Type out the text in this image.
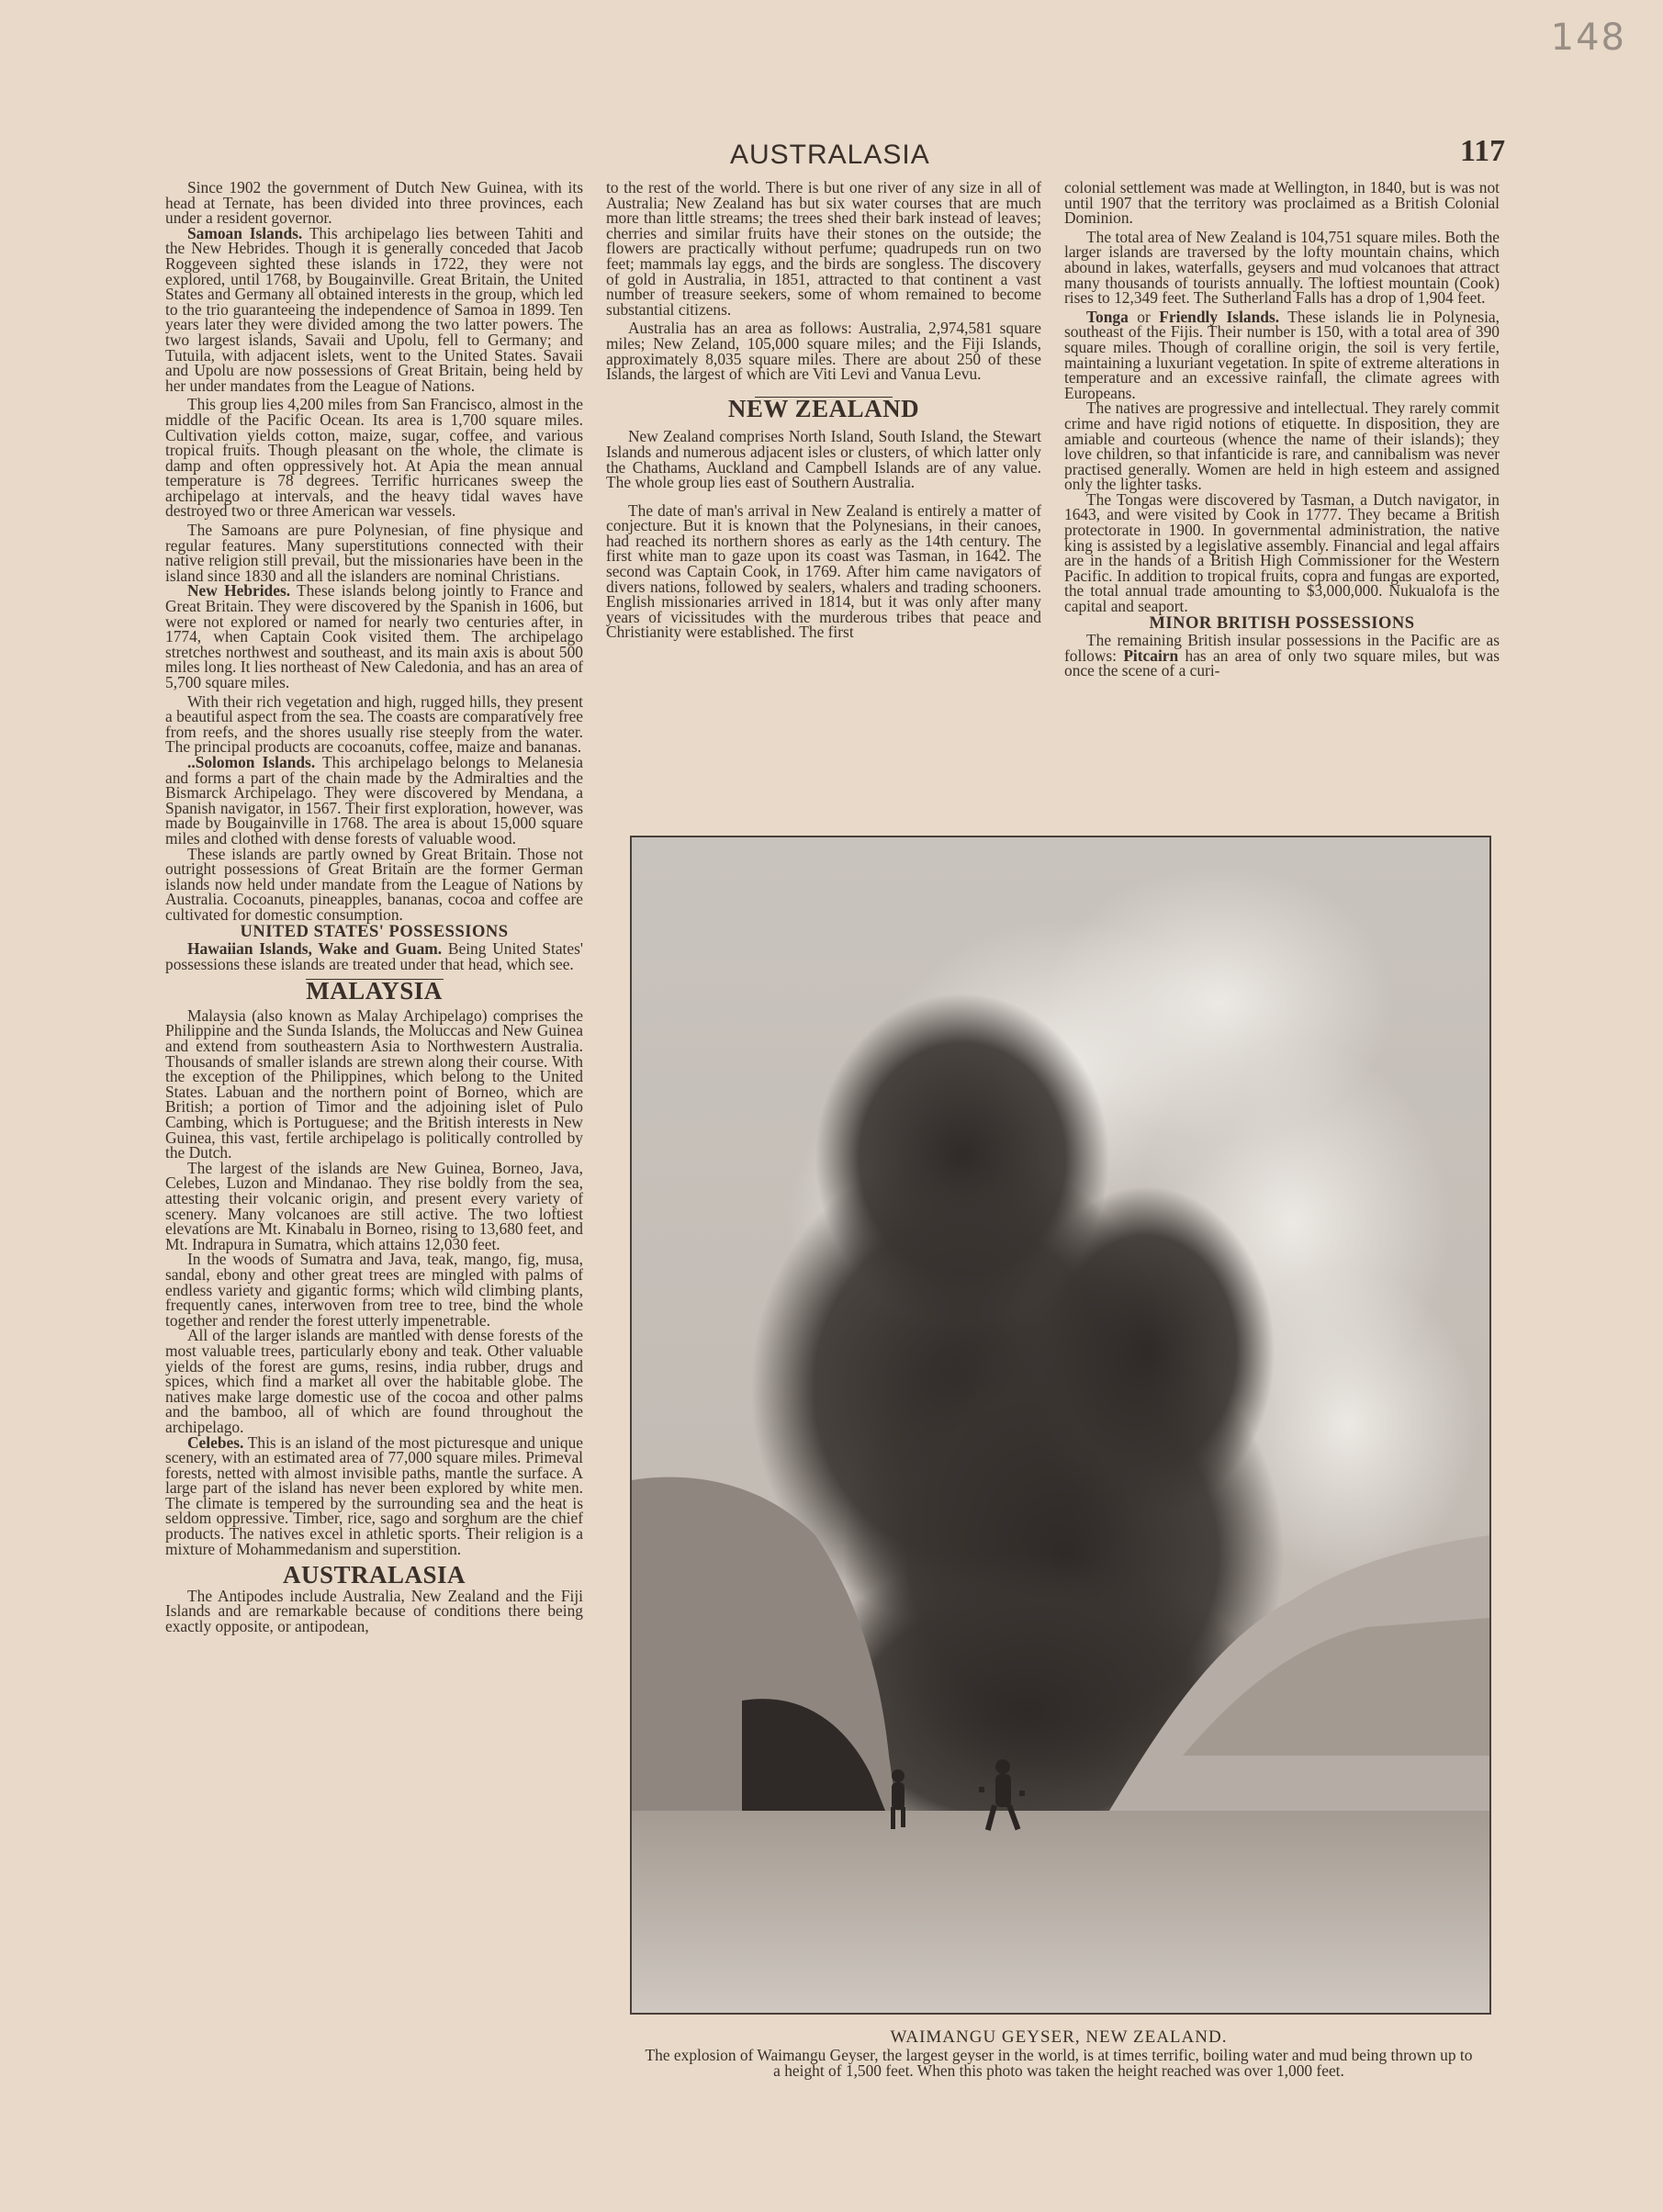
148
AUSTRALASIA	117

Since 1902 the government of Dutch New Guinea, with its head at Ternate, has been divided into three provinces, each under a resident governor.

Samoan Islands. This archipelago lies between Tahiti and the New Hebrides. Though it is generally conceded that Jacob Roggeveen sighted these islands in 1722, they were not explored, until 1768, by Bougainville. Great Britain, the United States and Germany all obtained interests in the group, which led to the trio guaranteeing the independence of Samoa in 1899. Ten years later they were divided among the two latter powers. The two largest islands, Savaii and Upolu, fell to Germany; and Tutuila, with adjacent islets, went to the United States. Savaii and Upolu are now possessions of Great Britain, being held by her under mandates from the League of Nations.

This group lies 4,200 miles from San Francisco, almost in the middle of the Pacific Ocean. Its area is 1,700 square miles. Cultivation yields cotton, maize, sugar, coffee, and various tropical fruits. Though pleasant on the whole, the climate is damp and often oppressively hot. At Apia the mean annual temperature is 78 degrees. Terrific hurricanes sweep the archipelago at intervals, and the heavy tidal waves have destroyed two or three American war vessels.

The Samoans are pure Polynesian, of fine physique and regular features. Many superstitutions connected with their native religion still prevail, but the missionaries have been in the island since 1830 and all the islanders are nominal Christians.

New Hebrides. These islands belong jointly to France and Great Britain. They were discovered by the Spanish in 1606, but were not explored or named for nearly two centuries after, in 1774, when Captain Cook visited them. The archipelago stretches northwest and southeast, and its main axis is about 500 miles long. It lies northeast of New Caledonia, and has an area of 5,700 square miles.

With their rich vegetation and high, rugged hills, they present a beautiful aspect from the sea. The coasts are comparatively free from reefs, and the shores usually rise steeply from the water. The principal products are cocoanuts, coffee, maize and bananas.

..Solomon Islands. This archipelago belongs to Melanesia and forms a part of the chain made by the Admiralties and the Bismarck Archipelago. They were discovered by Mendana, a Spanish navigator, in 1567. Their first exploration, however, was made by Bougainville in 1768. The area is about 15,000 square miles and clothed with dense forests of valuable wood.

These islands are partly owned by Great Britain. Those not outright possessions of Great Britain are the former German islands now held under mandate from the League of Nations by Australia. Cocoanuts, pineapples, bananas, cocoa and coffee are cultivated for domestic consumption.

UNITED STATES' POSSESSIONS

Hawaiian Islands, Wake and Guam. Being United States' possessions these islands are treated under that head, which see.

MALAYSIA

Malaysia (also known as Malay Archipelago) comprises the Philippine and the Sunda Islands, the Moluccas and New Guinea and extend from southeastern Asia to Northwestern Australia. Thousands of smaller islands are strewn along their course. With the exception of the Philippines, which belong to the United States. Labuan and the northern point of Borneo, which are British; a portion of Timor and the adjoining islet of Pulo Cambing, which is Portuguese; and the British interests in New Guinea, this vast, fertile archipelago is politically controlled by the Dutch.

The largest of the islands are New Guinea, Borneo, Java, Celebes, Luzon and Mindanao. They rise boldly from the sea, attesting their volcanic origin, and present every variety of scenery. Many volcanoes are still active. The two loftiest elevations are Mt. Kinabalu in Borneo, rising to 13,680 feet, and Mt. Indrapura in Sumatra, which attains 12,030 feet.

In the woods of Sumatra and Java, teak, mango, fig, musa, sandal, ebony and other great trees are mingled with palms of endless variety and gigantic forms; which wild climbing plants, frequently canes, interwoven from tree to tree, bind the whole together and render the forest utterly impenetrable.

All of the larger islands are mantled with dense forests of the most valuable trees, particularly ebony and teak. Other valuable yields of the forest are gums, resins, india rubber, drugs and spices, which find a market all over the habitable globe. The natives make large domestic use of the cocoa and other palms and the bamboo, all of which are found throughout the archipelago.

Celebes. This is an island of the most picturesque and unique scenery, with an estimated area of 77,000 square miles. Primeval forests, netted with almost invisible paths, mantle the surface. A large part of the island has never been explored by white men. The climate is tempered by the surrounding sea and the heat is seldom oppressive. Timber, rice, sago and sorghum are the chief products. The natives excel in athletic sports. Their religion is a mixture of Mohammedanism and superstition.

AUSTRALASIA

The Antipodes include Australia, New Zealand and the Fiji Islands and are remarkable because of conditions there being exactly opposite, or antipodean,

to the rest of the world. There is but one river of any size in all of Australia; New Zealand has but six water courses that are much more than little streams; the trees shed their bark instead of leaves; cherries and similar fruits have their stones on the outside; the flowers are practically without perfume; quadrupeds run on two feet; mammals lay eggs, and the birds are songless. The discovery of gold in Australia, in 1851, attracted to that continent a vast number of treasure seekers, some of whom remained to become substantial citizens.

Australia has an area as follows: Australia, 2,974,581 square miles; New Zeland, 105,000 square miles; and the Fiji Islands, approximately 8,035 square miles. There are about 250 of these Islands, the largest of which are Viti Levi and Vanua Levu.

NEW ZEALAND

New Zealand comprises North Island, South Island, the Stewart Islands and numerous adjacent isles or clusters, of which latter only the Chathams, Auckland and Campbell Islands are of any value. The whole group lies east of Southern Australia.

The date of man's arrival in New Zealand is entirely a matter of conjecture. But it is known that the Polynesians, in their canoes, had reached its northern shores as early as the 14th century. The first white man to gaze upon its coast was Tasman, in 1642. The second was Captain Cook, in 1769. After him came navigators of divers nations, followed by sealers, whalers and trading schooners. English missionaries arrived in 1814, but it was only after many years of vicissitudes with the murderous tribes that peace and Christianity were established. The first

colonial settlement was made at Wellington, in 1840, but is was not until 1907 that the territory was proclaimed as a British Colonial Dominion.

The total area of New Zealand is 104,751 square miles. Both the larger islands are traversed by the lofty mountain chains, which abound in lakes, waterfalls, geysers and mud volcanoes that attract many thousands of tourists annually. The loftiest mountain (Cook) rises to 12,349 feet. The Sutherland Falls has a drop of 1,904 feet.

Tonga or Friendly Islands. These islands lie in Polynesia, southeast of the Fijis. Their number is 150, with a total area of 390 square miles. Though of coralline origin, the soil is very fertile, maintaining a luxuriant vegetation. In spite of extreme alterations in temperature and an excessive rainfall, the climate agrees with Europeans.

The natives are progressive and intellectual. They rarely commit crime and have rigid notions of etiquette. In disposition, they are amiable and courteous (whence the name of their islands); they love children, so that infanticide is rare, and cannibalism was never practised generally. Women are held in high esteem and assigned only the lighter tasks.

The Tongas were discovered by Tasman, a Dutch navigator, in 1643, and were visited by Cook in 1777. They became a British protectorate in 1900. In governmental administration, the native king is assisted by a legislative assembly. Financial and legal affairs are in the hands of a British High Commissioner for the Western Pacific. In addition to tropical fruits, copra and fungas are exported, the total annual trade amounting to $3,000,000. Nukualofa is the capital and seaport.

MINOR BRITISH POSSESSIONS

The remaining British insular possessions in the Pacific are as follows: Pitcairn has an area of only two square miles, but was once the scene of a curi-

WAIMANGU GEYSER, NEW ZEALAND.
The explosion of Waimangu Geyser, the largest geyser in the world, is at times terrific, boiling water and mud being thrown up to a height of 1,500 feet. When this photo was taken the height reached was over 1,000 feet.
